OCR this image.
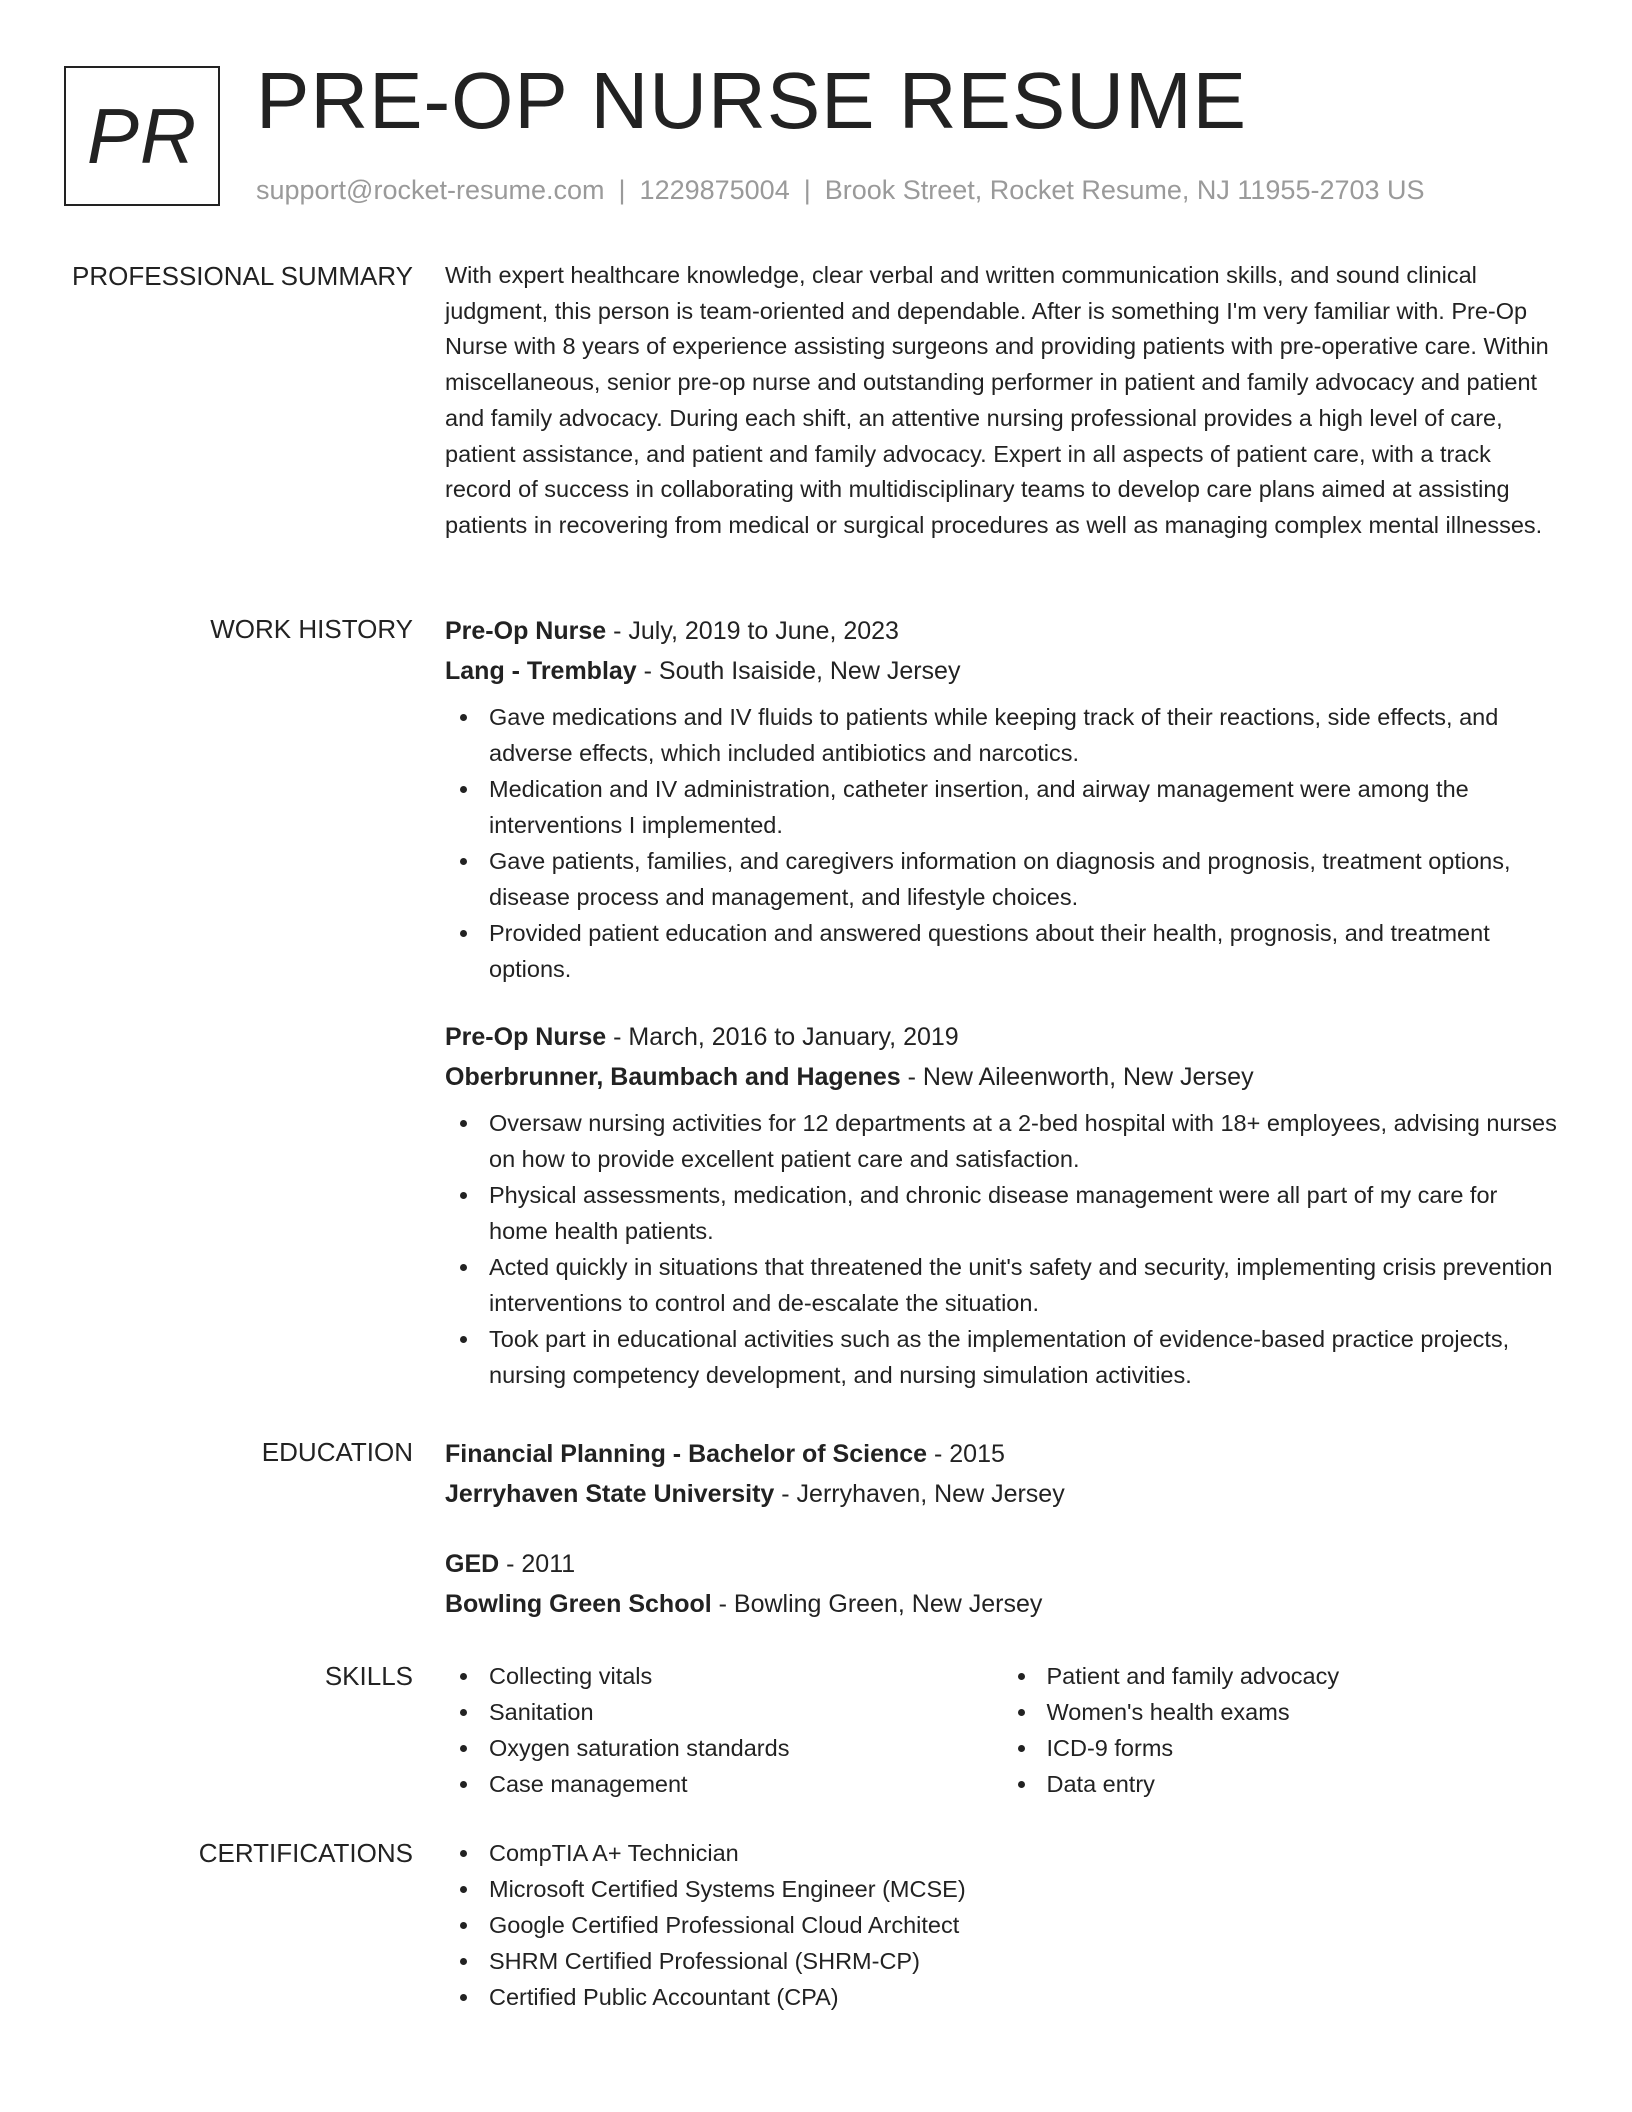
PR PRE-OP NURSE RESUME
support@rocket-resume.com | 1229875004 | Brook Street, Rocket Resume, NJ 11955-2703 US
PROFESSIONAL SUMMARY With expert healthcare knowledge, clear verbal and written communication skills, and sound clinical judgment, this person is team-oriented and dependable. After is something I'm very familiar with. Pre-Op Nurse with 8 years of experience assisting surgeons and providing patients with pre-operative care. Within miscellaneous, senior pre-op nurse and outstanding performer in patient and family advocacy and patient and family advocacy. During each shift, an attentive nursing professional provides a high level of care, patient assistance, and patient and family advocacy. Expert in all aspects of patient care, with a track record of success in collaborating with multidisciplinary teams to develop care plans aimed at assisting patients in recovering from medical or surgical procedures as well as managing complex mental illnesses.

WORK HISTORY Pre-Op Nurse - July, 2019 to June, 2023

Lang - Tremblay - South Isaiside, New Jersey

Gave medications and IV fluids to patients while keeping track of their reactions, side effects, and adverse effects, which included antibiotics and narcotics.
Medication and IV administration, catheter insertion, and airway management were among the interventions I implemented.
Gave patients, families, and caregivers information on diagnosis and prognosis, treatment options, disease process and management, and lifestyle choices.
Provided patient education and answered questions about their health, prognosis, and treatment options.

Pre-Op Nurse - March, 2016 to January, 2019

Oberbrunner, Baumbach and Hagenes - New Aileenworth, New Jersey

Oversaw nursing activities for 12 departments at a 2-bed hospital with 18+ employees, advising nurses on how to provide excellent patient care and satisfaction.
Physical assessments, medication, and chronic disease management were all part of my care for home health patients.
Acted quickly in situations that threatened the unit's safety and security, implementing crisis prevention interventions to control and de-escalate the situation.
Took part in educational activities such as the implementation of evidence-based practice projects, nursing competency development, and nursing simulation activities.
EDUCATION Financial Planning - Bachelor of Science - 2015

Jerryhaven State University - Jerryhaven, New Jersey

GED - 2011

Bowling Green School - Bowling Green, New Jersey

SKILLS	Collecting vitals
Sanitation
Oxygen saturation standards
Case management
Patient and family advocacy
Women's health exams
ICD-9 forms
Data entry
CERTIFICATIONS	CompTIA A+ Technician
Microsoft Certified Systems Engineer (MCSE)
Google Certified Professional Cloud Architect
SHRM Certified Professional (SHRM-CP)
Certified Public Accountant (CPA)
